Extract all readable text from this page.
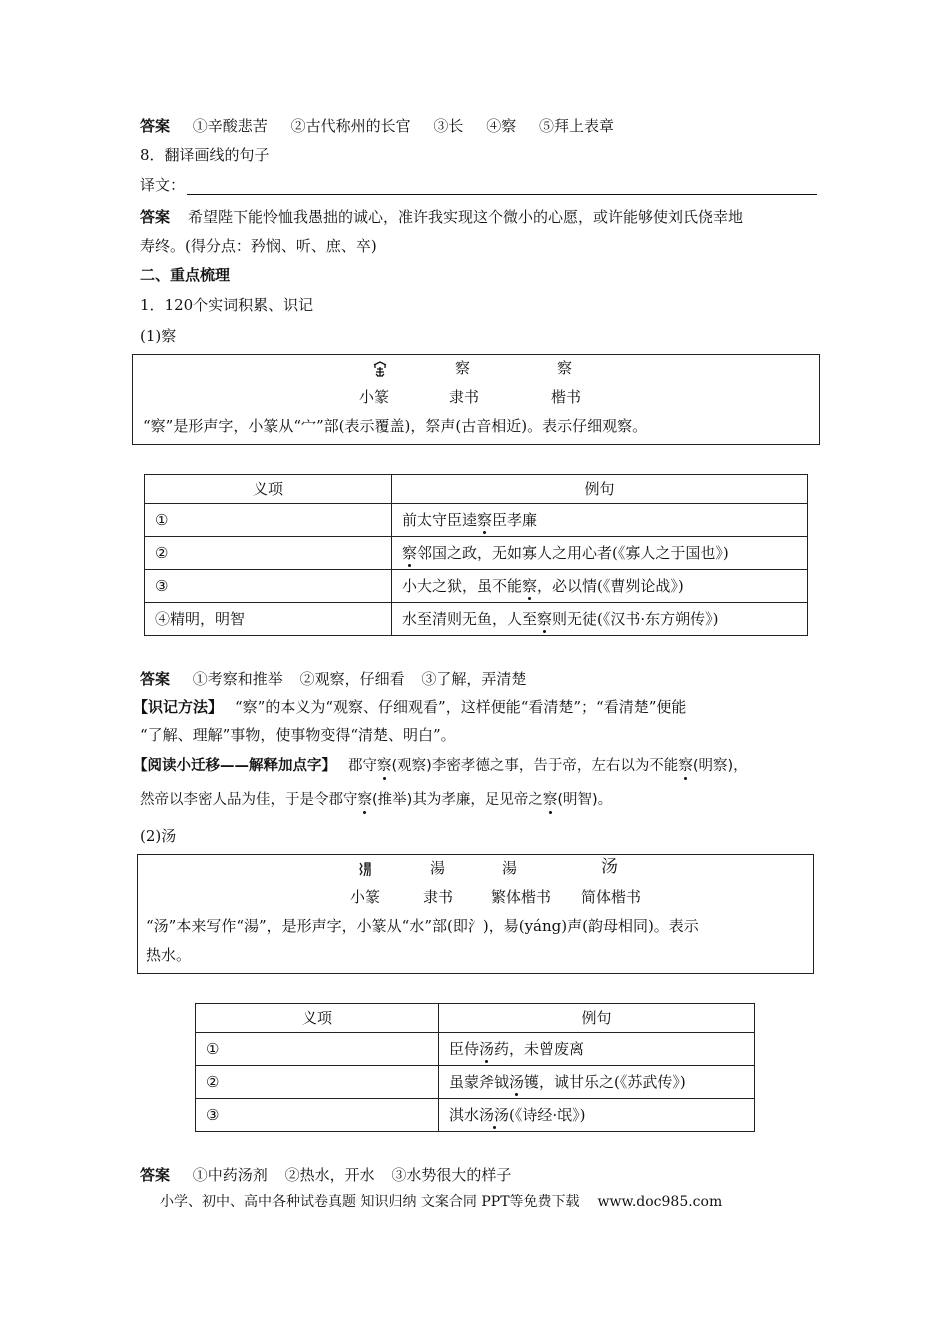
答案 ①辛酸悲苦 ②古代称州的长官 ③长 ④察 ⑤拜上表章
8．翻译画线的句子
译文：
答案 希望陛下能怜恤我愚拙的诚心，准许我实现这个微小的心愿，或许能够使刘氏侥幸地
寿终。(得分点：矜悯、听、庶、卒)
二、重点梳理
1．120个实词积累、识记
(1)察
察	察
小篆	隶书	楷书
“察”是形声字，小篆从“宀”部(表示覆盖)，祭声(古音相近)。表示仔细观察。
义项	例句
①	前太守臣逵察臣孝廉
②	察邻国之政，无如寡人之用心者(《寡人之于国也》)
③	小大之狱，虽不能察，必以情(《曹刿论战》)
④精明，明智	水至清则无鱼，人至察则无徒(《汉书·东方朔传》)
答案 ①考察和推举 ②观察，仔细看 ③了解，弄清楚
【识记方法】 “察”的本义为“观察、仔细观看”，这样便能“看清楚”；“看清楚”便能
“了解、理解”事物，使事物变得“清楚、明白”。
【阅读小迁移——解释加点字】 郡守察(观察)李密孝德之事，告于帝，左右以为不能察(明察)，
然帝以李密人品为佳，于是令郡守察(推举)其为孝廉，足见帝之察(明智)。
(2)汤
湯	湯	汤
小篆	隶书	繁体楷书 简体楷书
“汤”本来写作“湯”，是形声字，小篆从“水”部(即氵)，昜(yáng)声(韵母相同)。表示
热水。
义项	例句
①	臣侍汤药，未曾废离
②	虽蒙斧钺汤镬，诚甘乐之(《苏武传》)
③	淇水汤汤(《诗经·氓》)
答案 ①中药汤剂 ②热水，开水 ③水势很大的样子
小学、初中、高中各种试卷真题 知识归纳 文案合同 PPT等免费下载 www.doc985.com
